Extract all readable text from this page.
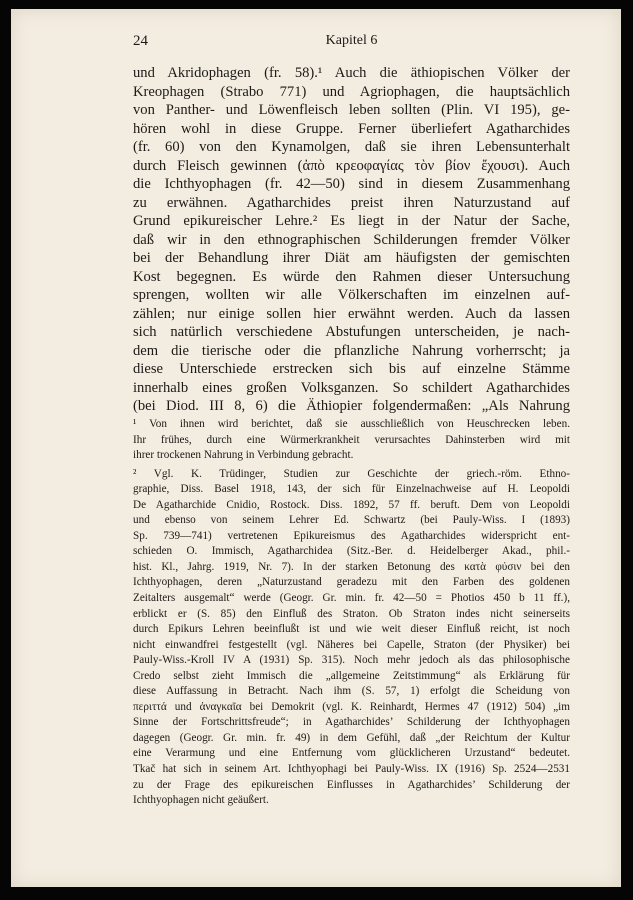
24	Kapitel 6
und Akridophagen (fr. 58).¹ Auch die äthiopischen Völker der
Kreophagen (Strabo 771) und Agriophagen, die hauptsächlich
von Panther- und Löwenfleisch leben sollten (Plin. VI 195), ge-
hören wohl in diese Gruppe. Ferner überliefert Agatharchides
(fr. 60) von den Kynamolgen, daß sie ihren Lebensunterhalt
durch Fleisch gewinnen (ἀπὸ κρεοφαγίας τὸν βίον ἔχουσι). Auch
die Ichthyophagen (fr. 42—50) sind in diesem Zusammenhang
zu erwähnen. Agatharchides preist ihren Naturzustand auf
Grund epikureischer Lehre.² Es liegt in der Natur der Sache,
daß wir in den ethnographischen Schilderungen fremder Völker
bei der Behandlung ihrer Diät am häufigsten der gemischten
Kost begegnen. Es würde den Rahmen dieser Untersuchung
sprengen, wollten wir alle Völkerschaften im einzelnen auf-
zählen; nur einige sollen hier erwähnt werden. Auch da lassen
sich natürlich verschiedene Abstufungen unterscheiden, je nach-
dem die tierische oder die pflanzliche Nahrung vorherrscht; ja
diese Unterschiede erstrecken sich bis auf einzelne Stämme
innerhalb eines großen Volksganzen. So schildert Agatharchides
(bei Diod. III 8, 6) die Äthiopier folgendermaßen: „Als Nahrung
¹ Von ihnen wird berichtet, daß sie ausschließlich von Heuschrecken leben.
Ihr frühes, durch eine Würmerkrankheit verursachtes Dahinsterben wird mit
ihrer trockenen Nahrung in Verbindung gebracht.
² Vgl. K. Trüdinger, Studien zur Geschichte der griech.-röm. Ethno-
graphie, Diss. Basel 1918, 143, der sich für Einzelnachweise auf H. Leopoldi
De Agatharchide Cnidio, Rostock. Diss. 1892, 57 ff. beruft. Dem von Leopoldi
und ebenso von seinem Lehrer Ed. Schwartz (bei Pauly-Wiss. I (1893)
Sp. 739—741) vertretenen Epikureismus des Agatharchides widerspricht ent-
schieden O. Immisch, Agatharchidea (Sitz.-Ber. d. Heidelberger Akad., phil.-
hist. Kl., Jahrg. 1919, Nr. 7). In der starken Betonung des κατὰ φύσιν bei den
Ichthyophagen, deren „Naturzustand geradezu mit den Farben des goldenen
Zeitalters ausgemalt“ werde (Geogr. Gr. min. fr. 42—50 = Photios 450 b 11 ff.),
erblickt er (S. 85) den Einfluß des Straton. Ob Straton indes nicht seinerseits
durch Epikurs Lehren beeinflußt ist und wie weit dieser Einfluß reicht, ist noch
nicht einwandfrei festgestellt (vgl. Näheres bei Capelle, Straton (der Physiker) bei
Pauly-Wiss.-Kroll IV A (1931) Sp. 315). Noch mehr jedoch als das philosophische
Credo selbst zieht Immisch die „allgemeine Zeitstimmung“ als Erklärung für
diese Auffassung in Betracht. Nach ihm (S. 57, 1) erfolgt die Scheidung von
περιττά und ἀναγκαῖα bei Demokrit (vgl. K. Reinhardt, Hermes 47 (1912) 504) „im
Sinne der Fortschrittsfreude“; in Agatharchides’ Schilderung der Ichthyophagen
dagegen (Geogr. Gr. min. fr. 49) in dem Gefühl, daß „der Reichtum der Kultur
eine Verarmung und eine Entfernung vom glücklicheren Urzustand“ bedeutet.
Tkač hat sich in seinem Art. Ichthyophagi bei Pauly-Wiss. IX (1916) Sp. 2524—2531
zu der Frage des epikureischen Einflusses in Agatharchides’ Schilderung der
Ichthyophagen nicht geäußert.
